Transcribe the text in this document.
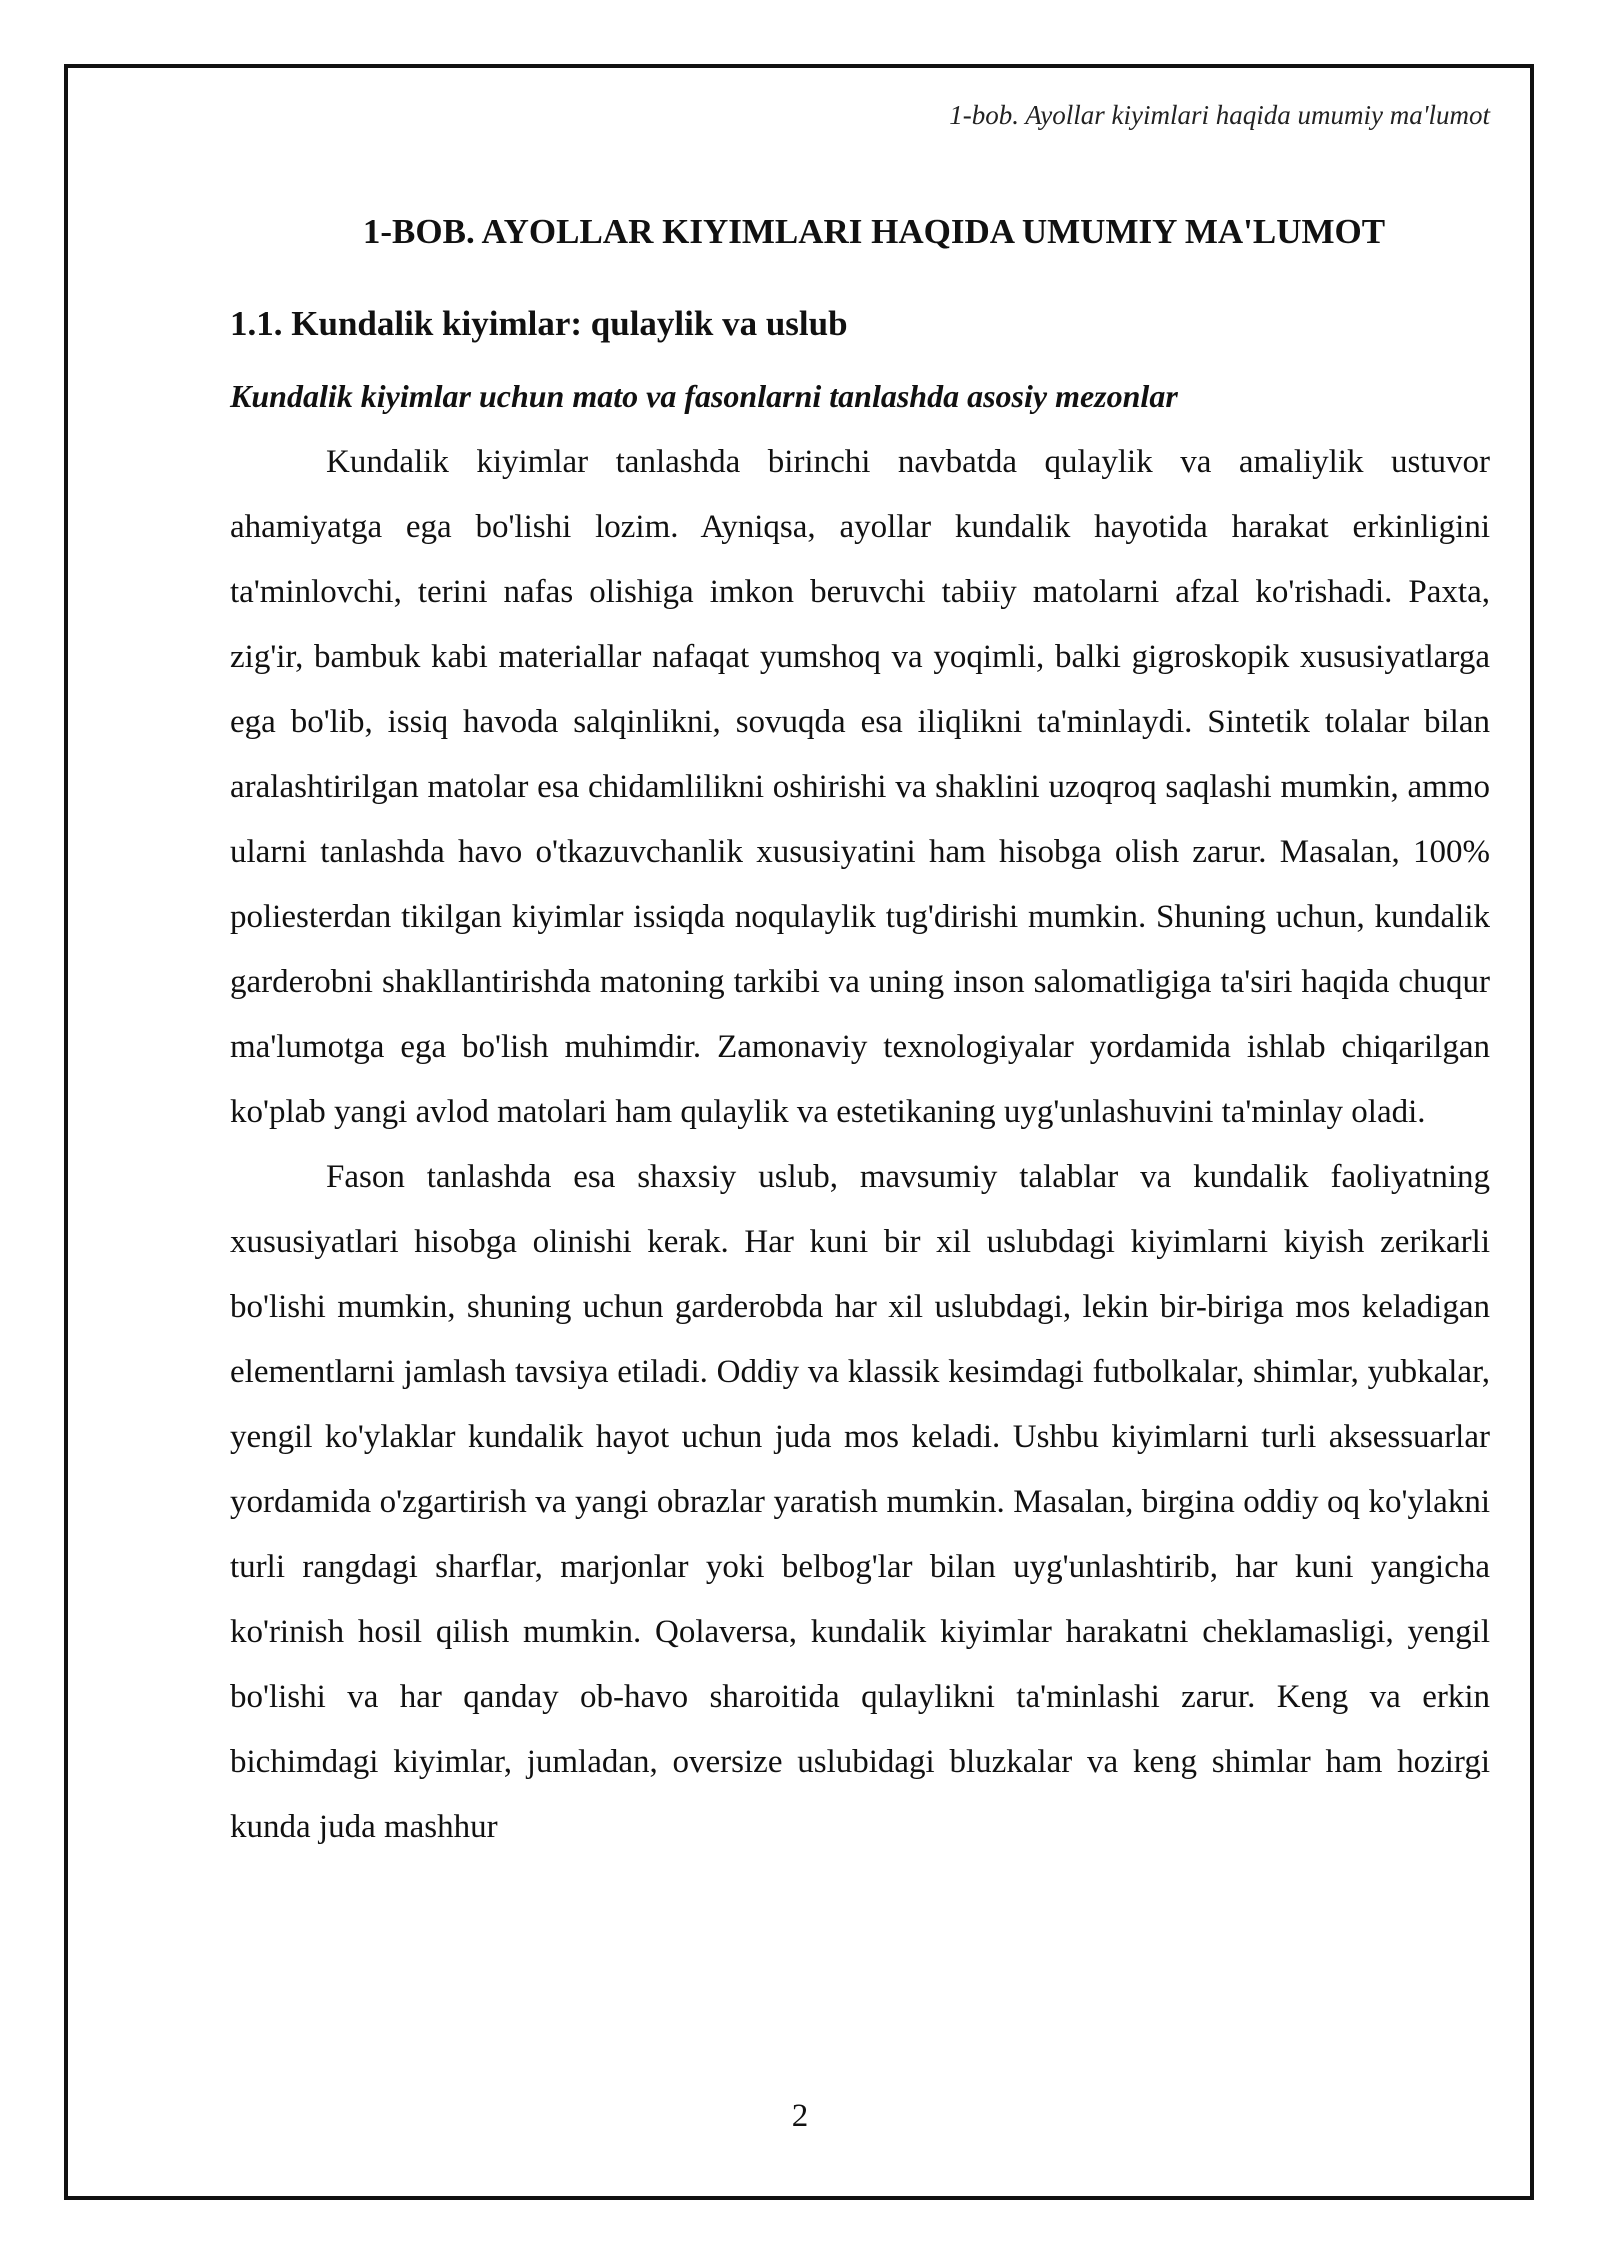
1-bob. Ayollar kiyimlari haqida umumiy ma'lumot
1-BOB. AYOLLAR KIYIMLARI HAQIDA UMUMIY MA'LUMOT
1.1. Kundalik kiyimlar: qulaylik va uslub
Kundalik kiyimlar uchun mato va fasonlarni tanlashda asosiy mezonlar

Kundalik kiyimlar tanlashda birinchi navbatda qulaylik va amaliylik ustuvor ahamiyatga ega bo'lishi lozim. Ayniqsa, ayollar kundalik hayotida harakat erkinligini ta'minlovchi, terini nafas olishiga imkon beruvchi tabiiy matolarni afzal ko'rishadi. Paxta, zig'ir, bambuk kabi materiallar nafaqat yumshoq va yoqimli, balki gigroskopik xususiyatlarga ega bo'lib, issiq havoda salqinlikni, sovuqda esa iliqlikni ta'minlaydi. Sintetik tolalar bilan aralashtirilgan matolar esa chidamlilikni oshirishi va shaklini uzoqroq saqlashi mumkin, ammo ularni tanlashda havo o'tkazuvchanlik xususiyatini ham hisobga olish zarur. Masalan, 100% poliesterdan tikilgan kiyimlar issiqda noqulaylik tug'dirishi mumkin. Shuning uchun, kundalik garderobni shakllantirishda matoning tarkibi va uning inson salomatligiga ta'siri haqida chuqur ma'lumotga ega bo'lish muhimdir. Zamonaviy texnologiyalar yordamida ishlab chiqarilgan ko'plab yangi avlod matolari ham qulaylik va estetikaning uyg'unlashuvini ta'minlay oladi.

Fason tanlashda esa shaxsiy uslub, mavsumiy talablar va kundalik faoliyatning xususiyatlari hisobga olinishi kerak. Har kuni bir xil uslubdagi kiyimlarni kiyish zerikarli bo'lishi mumkin, shuning uchun garderobda har xil uslubdagi, lekin bir-biriga mos keladigan elementlarni jamlash tavsiya etiladi. Oddiy va klassik kesimdagi futbolkalar, shimlar, yubkalar, yengil ko'ylaklar kundalik hayot uchun juda mos keladi. Ushbu kiyimlarni turli aksessuarlar yordamida o'zgartirish va yangi obrazlar yaratish mumkin. Masalan, birgina oddiy oq ko'ylakni turli rangdagi sharflar, marjonlar yoki belbog'lar bilan uyg'unlashtirib, har kuni yangicha ko'rinish hosil qilish mumkin. Qolaversa, kundalik kiyimlar harakatni cheklamasligi, yengil bo'lishi va har qanday ob-havo sharoitida qulaylikni ta'minlashi zarur. Keng va erkin bichimdagi kiyimlar, jumladan, oversize uslubidagi bluzkalar va keng shimlar ham hozirgi kunda juda mashhur

2
